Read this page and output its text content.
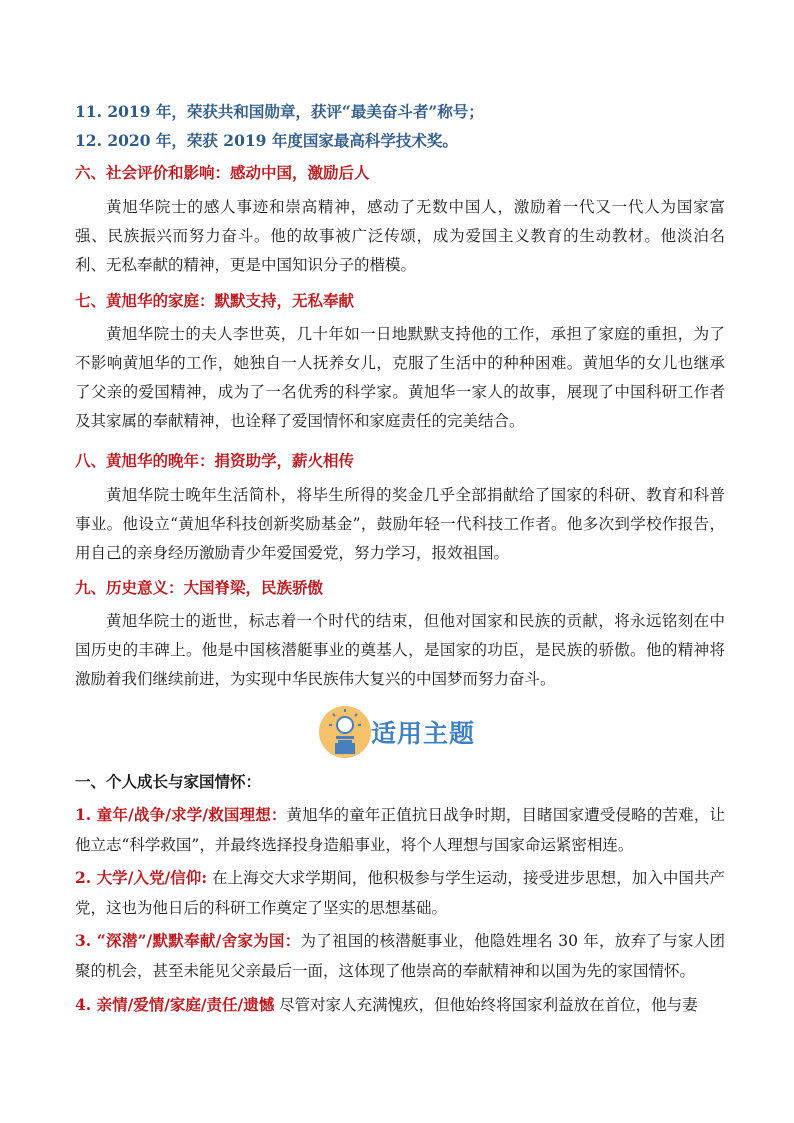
11. 2019 年，荣获共和国勋章，获评“最美奋斗者”称号；
12. 2020 年，荣获 2019 年度国家最高科学技术奖。
六、社会评价和影响：感动中国，激励后人
黄旭华院士的感人事迹和崇高精神，感动了无数中国人，激励着一代又一代人为国家富强、民族振兴而努力奋斗。他的故事被广泛传颂，成为爱国主义教育的生动教材。他淡泊名利、无私奉献的精神，更是中国知识分子的楷模。
七、黄旭华的家庭：默默支持，无私奉献
黄旭华院士的夫人李世英，几十年如一日地默默支持他的工作，承担了家庭的重担，为了不影响黄旭华的工作，她独自一人抚养女儿，克服了生活中的种种困难。黄旭华的女儿也继承了父亲的爱国精神，成为了一名优秀的科学家。黄旭华一家人的故事，展现了中国科研工作者及其家属的奉献精神，也诠释了爱国情怀和家庭责任的完美结合。
八、黄旭华的晚年：捐资助学，薪火相传
黄旭华院士晚年生活简朴，将毕生所得的奖金几乎全部捐献给了国家的科研、教育和科普事业。他设立“黄旭华科技创新奖励基金”，鼓励年轻一代科技工作者。他多次到学校作报告，用自己的亲身经历激励青少年爱国爱党，努力学习，报效祖国。
九、历史意义：大国脊梁，民族骄傲
黄旭华院士的逝世，标志着一个时代的结束，但他对国家和民族的贡献，将永远铭刻在中国历史的丰碑上。他是中国核潜艇事业的奠基人，是国家的功臣，是民族的骄傲。他的精神将激励着我们继续前进，为实现中华民族伟大复兴的中国梦而努力奋斗。
适用主题
一、个人成长与家国情怀：
1. 童年/战争/求学/救国理想：黄旭华的童年正值抗日战争时期，目睹国家遭受侵略的苦难，让他立志“科学救国”，并最终选择投身造船事业，将个人理想与国家命运紧密相连。
2. 大学/入党/信仰: 在上海交大求学期间，他积极参与学生运动，接受进步思想，加入中国共产党，这也为他日后的科研工作奠定了坚实的思想基础。
3. “深潜”/默默奉献/舍家为国：为了祖国的核潜艇事业，他隐姓埋名 30 年，放弃了与家人团聚的机会，甚至未能见父亲最后一面，这体现了他崇高的奉献精神和以国为先的家国情怀。
4. 亲情/爱情/家庭/责任/遗憾 尽管对家人充满愧疚，但他始终将国家利益放在首位，他与妻
